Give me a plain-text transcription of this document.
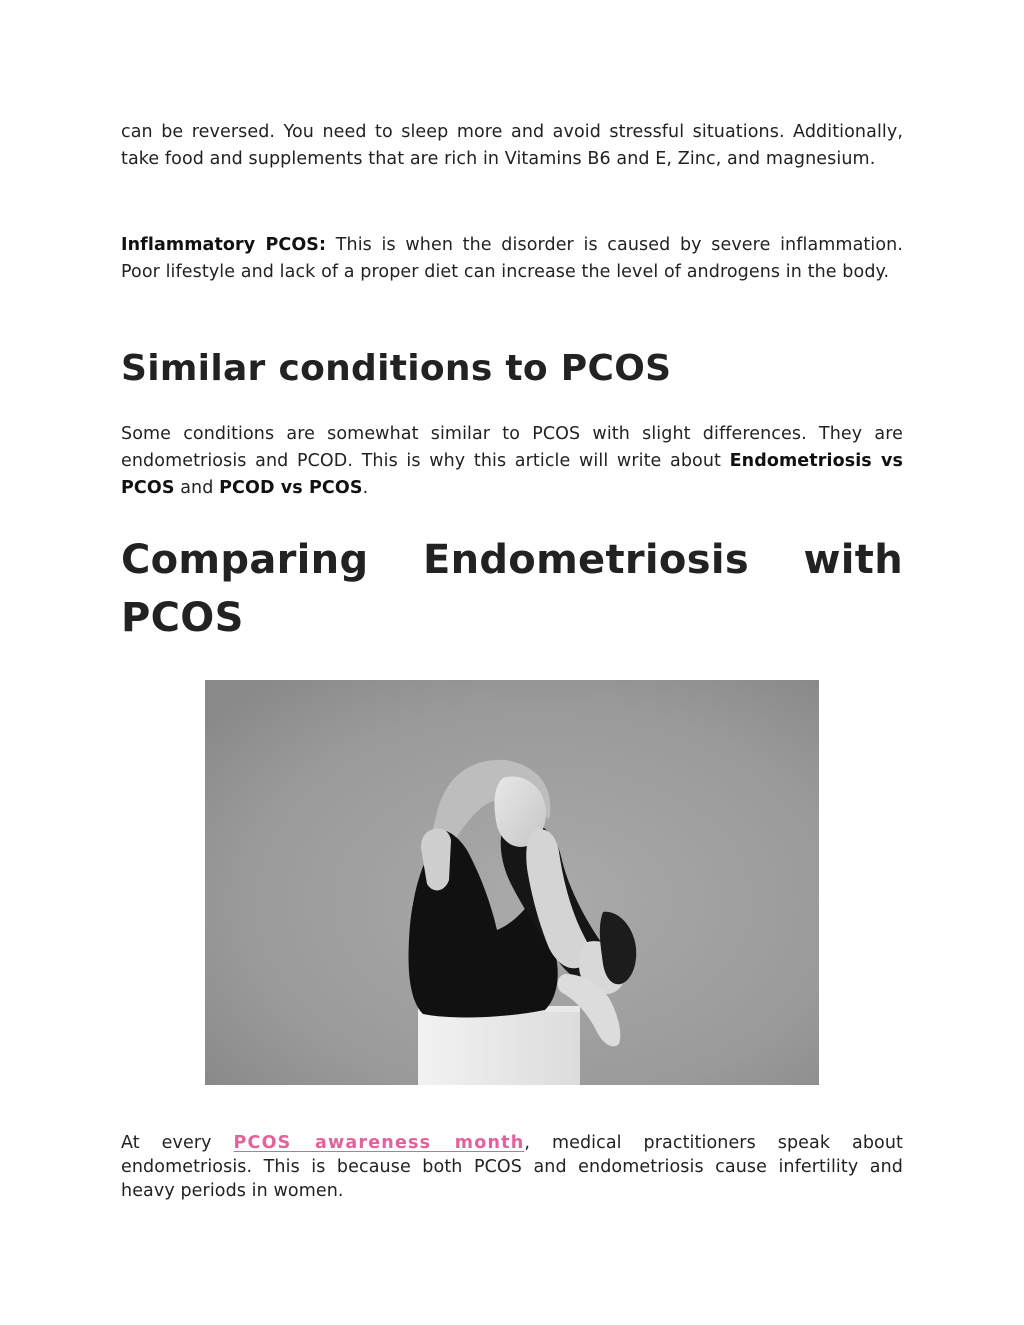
can be reversed. You need to sleep more and avoid stressful situations. Additionally, take food and supplements that are rich in Vitamins B6 and E, Zinc, and magnesium.

Inflammatory PCOS: This is when the disorder is caused by severe inflammation. Poor lifestyle and lack of a proper diet can increase the level of androgens in the body.

Similar conditions to PCOS

Some conditions are somewhat similar to PCOS with slight differences. They are endometriosis and PCOD. This is why this article will write about Endometriosis vs PCOS and PCOD vs PCOS.

Comparing Endometriosis with
PCOS

At every PCOS awareness month, medical practitioners speak about endometriosis. This is because both PCOS and endometriosis cause infertility and heavy periods in women.
